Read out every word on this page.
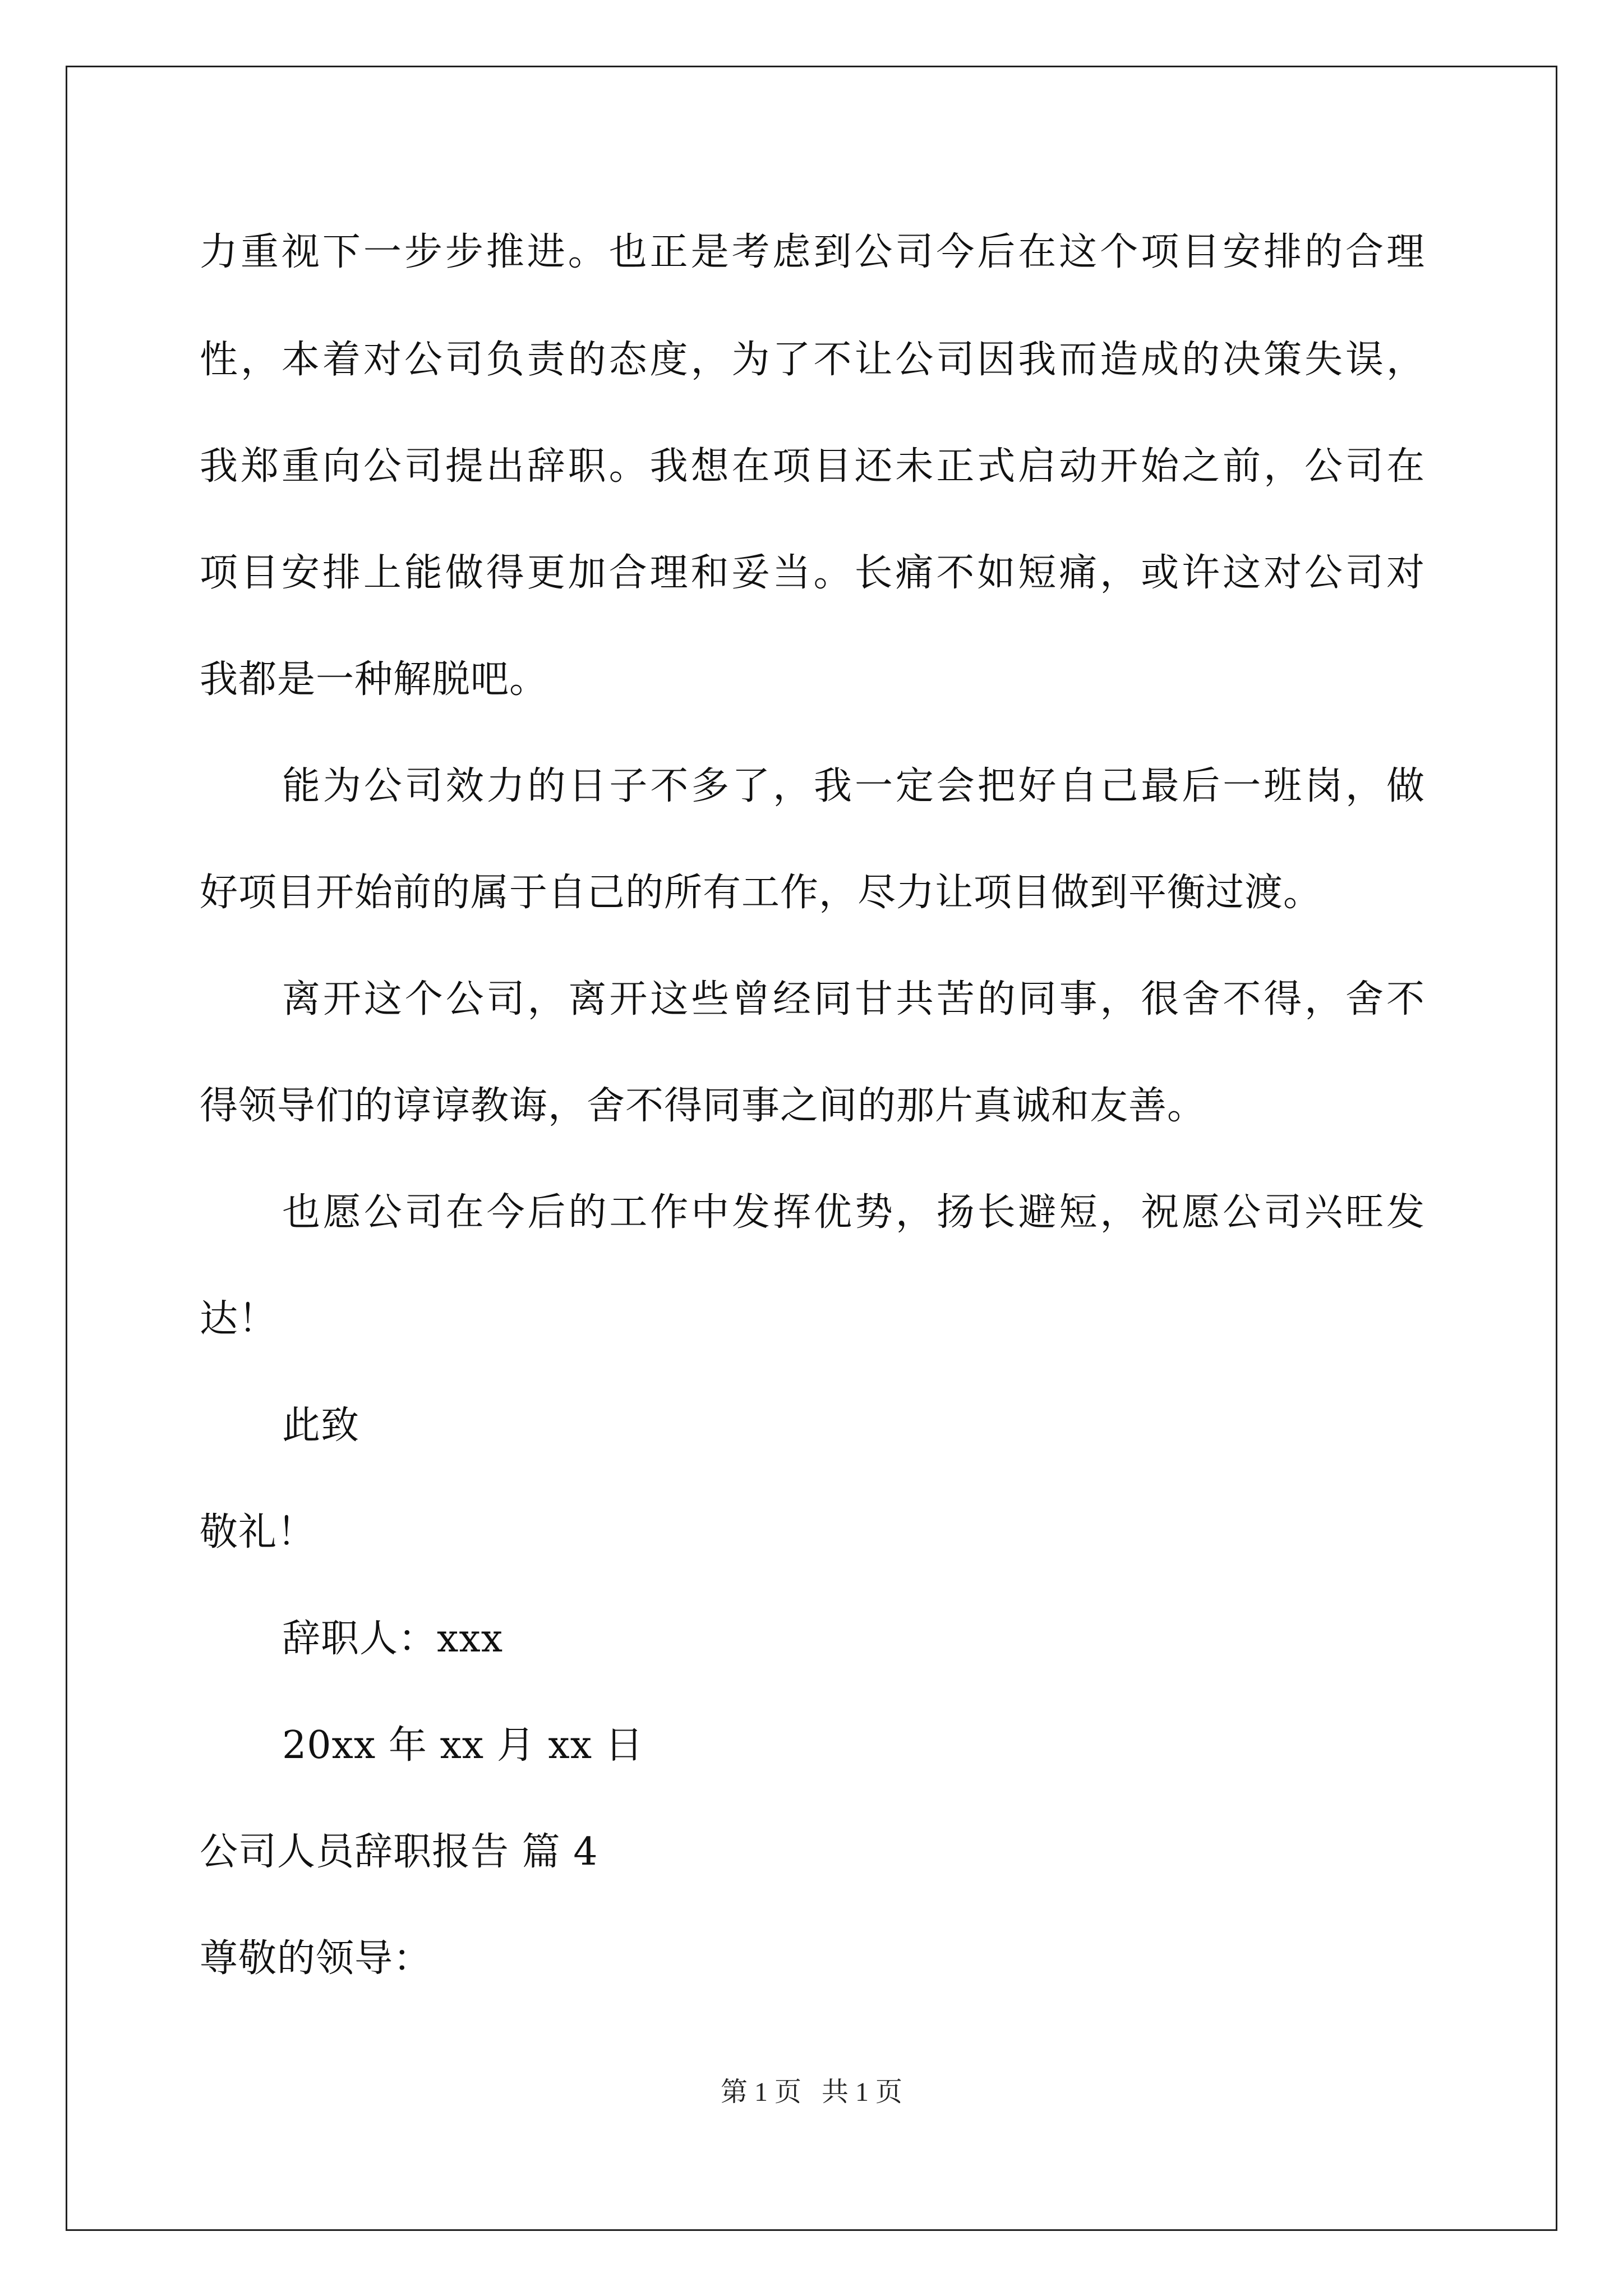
力重视下一步步推进。也正是考虑到公司今后在这个项目安排的合理
性，本着对公司负责的态度，为了不让公司因我而造成的决策失误，
我郑重向公司提出辞职。我想在项目还未正式启动开始之前，公司在
项目安排上能做得更加合理和妥当。长痛不如短痛，或许这对公司对
我都是一种解脱吧。
能为公司效力的日子不多了，我一定会把好自己最后一班岗，做
好项目开始前的属于自己的所有工作，尽力让项目做到平衡过渡。
离开这个公司，离开这些曾经同甘共苦的同事，很舍不得，舍不
得领导们的谆谆教诲，舍不得同事之间的那片真诚和友善。
也愿公司在今后的工作中发挥优势，扬长避短，祝愿公司兴旺发
达！
此致
敬礼！
辞职人：xxx
20xx 年 xx 月 xx 日
公司人员辞职报告 篇 4
尊敬的领导：
第 1 页   共 1 页
